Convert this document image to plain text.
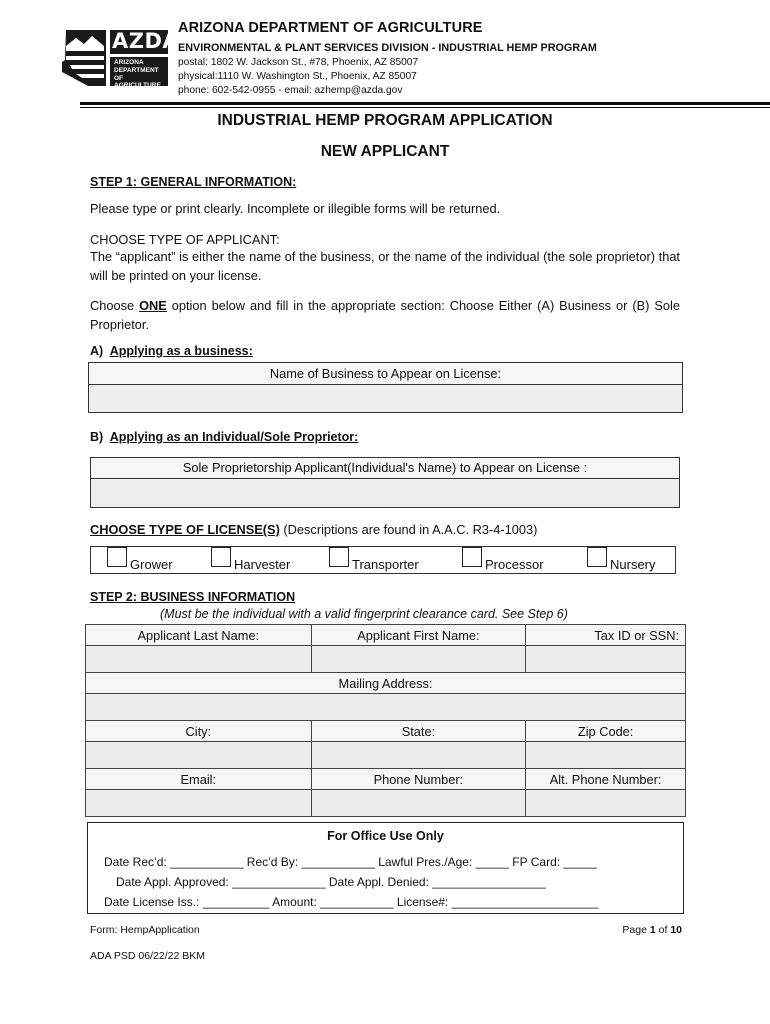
AZDA
ARIZONA
DEPARTMENT
OF AGRICULTURE
ARIZONA DEPARTMENT OF AGRICULTURE
ENVIRONMENTAL & PLANT SERVICES DIVISION - INDUSTRIAL HEMP PROGRAM
postal: 1802 W. Jackson St., #78, Phoenix, AZ 85007
physical:1110 W. Washington St., Phoenix, AZ 85007
phone: 602-542-0955 - email: azhemp@azda.gov
INDUSTRIAL HEMP PROGRAM APPLICATION
NEW APPLICANT
STEP 1: GENERAL INFORMATION:
Please type or print clearly. Incomplete or illegible forms will be returned.
CHOOSE TYPE OF APPLICANT:
The “applicant” is either the name of the business, or the name of the individual (the sole proprietor) that will be printed on your license.
Choose ONE option below and fill in the appropriate section: Choose Either (A) Business or (B) Sole Proprietor.
A) Applying as a business:
Name of Business to Appear on License:
B) Applying as an Individual/Sole Proprietor:
Sole Proprietorship Applicant(Individual's Name) to Appear on License :
CHOOSE TYPE OF LICENSE(S) (Descriptions are found in A.A.C. R3-4-1003)
Grower	Harvester	Transporter	Processor	Nursery
STEP 2: BUSINESS INFORMATION
(Must be the individual with a valid fingerprint clearance card. See Step 6)
Applicant Last Name:	Applicant First Name:	Tax ID or SSN:

Mailing Address:		

City:	State:	Zip Code:

Email:	Phone Number:	Alt. Phone Number:

For Office Use Only
Date Rec’d: ___________ Rec’d By: ___________ Lawful Pres./Age: _____ FP Card: _____
Date Appl. Approved: ______________ Date Appl. Denied: _________________
Date License Iss.: __________ Amount: ___________ License#: ______________________
Form: HempApplication	Page 1 of 10
ADA PSD 06/22/22 BKM
